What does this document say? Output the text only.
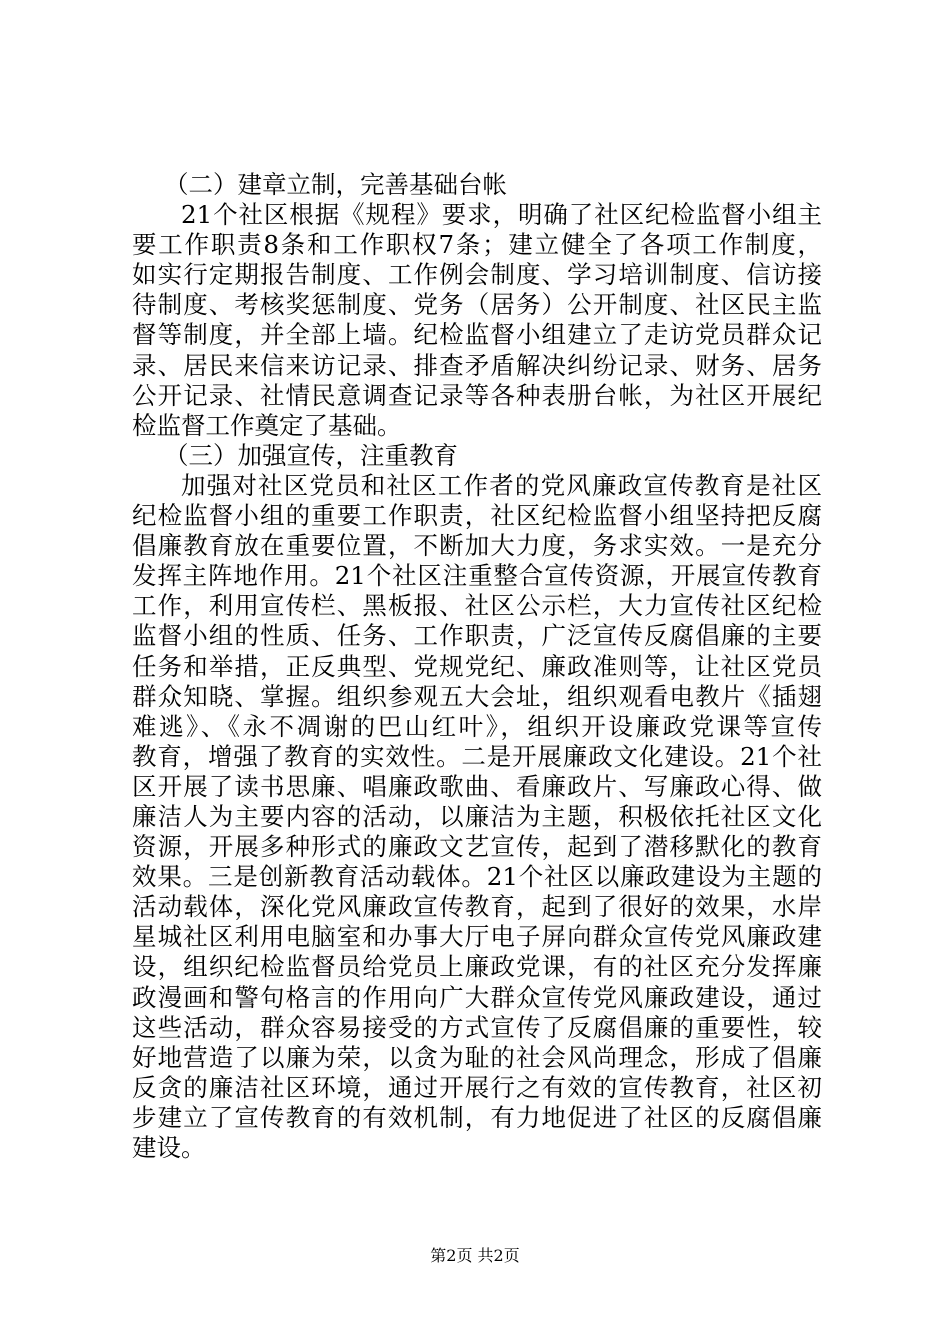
（二）建章立制，完善基础台帐
21个社区根据《规程》要求，明确了社区纪检监督小组主
要工作职责8条和工作职权7条；建立健全了各项工作制度，
如实行定期报告制度、工作例会制度、学习培训制度、信访接
待制度、考核奖惩制度、党务（居务）公开制度、社区民主监
督等制度，并全部上墙。纪检监督小组建立了走访党员群众记
录、居民来信来访记录、排查矛盾解决纠纷记录、财务、居务
公开记录、社情民意调查记录等各种表册台帐，为社区开展纪
检监督工作奠定了基础。
（三）加强宣传，注重教育
加强对社区党员和社区工作者的党风廉政宣传教育是社区
纪检监督小组的重要工作职责，社区纪检监督小组坚持把反腐
倡廉教育放在重要位置，不断加大力度，务求实效。一是充分
发挥主阵地作用。21个社区注重整合宣传资源，开展宣传教育
工作，利用宣传栏、黑板报、社区公示栏，大力宣传社区纪检
监督小组的性质、任务、工作职责，广泛宣传反腐倡廉的主要
任务和举措，正反典型、党规党纪、廉政准则等，让社区党员
群众知晓、掌握。组织参观五大会址，组织观看电教片《插翅
难逃》、《永不凋谢的巴山红叶》，组织开设廉政党课等宣传
教育，增强了教育的实效性。二是开展廉政文化建设。21个社
区开展了读书思廉、唱廉政歌曲、看廉政片、写廉政心得、做
廉洁人为主要内容的活动，以廉洁为主题，积极依托社区文化
资源，开展多种形式的廉政文艺宣传，起到了潜移默化的教育
效果。三是创新教育活动载体。21个社区以廉政建设为主题的
活动载体，深化党风廉政宣传教育，起到了很好的效果，水岸
星城社区利用电脑室和办事大厅电子屏向群众宣传党风廉政建
设，组织纪检监督员给党员上廉政党课，有的社区充分发挥廉
政漫画和警句格言的作用向广大群众宣传党风廉政建设，通过
这些活动，群众容易接受的方式宣传了反腐倡廉的重要性，较
好地营造了以廉为荣，以贪为耻的社会风尚理念，形成了倡廉
反贪的廉洁社区环境，通过开展行之有效的宣传教育，社区初
步建立了宣传教育的有效机制，有力地促进了社区的反腐倡廉
建设。
第2页 共2页
